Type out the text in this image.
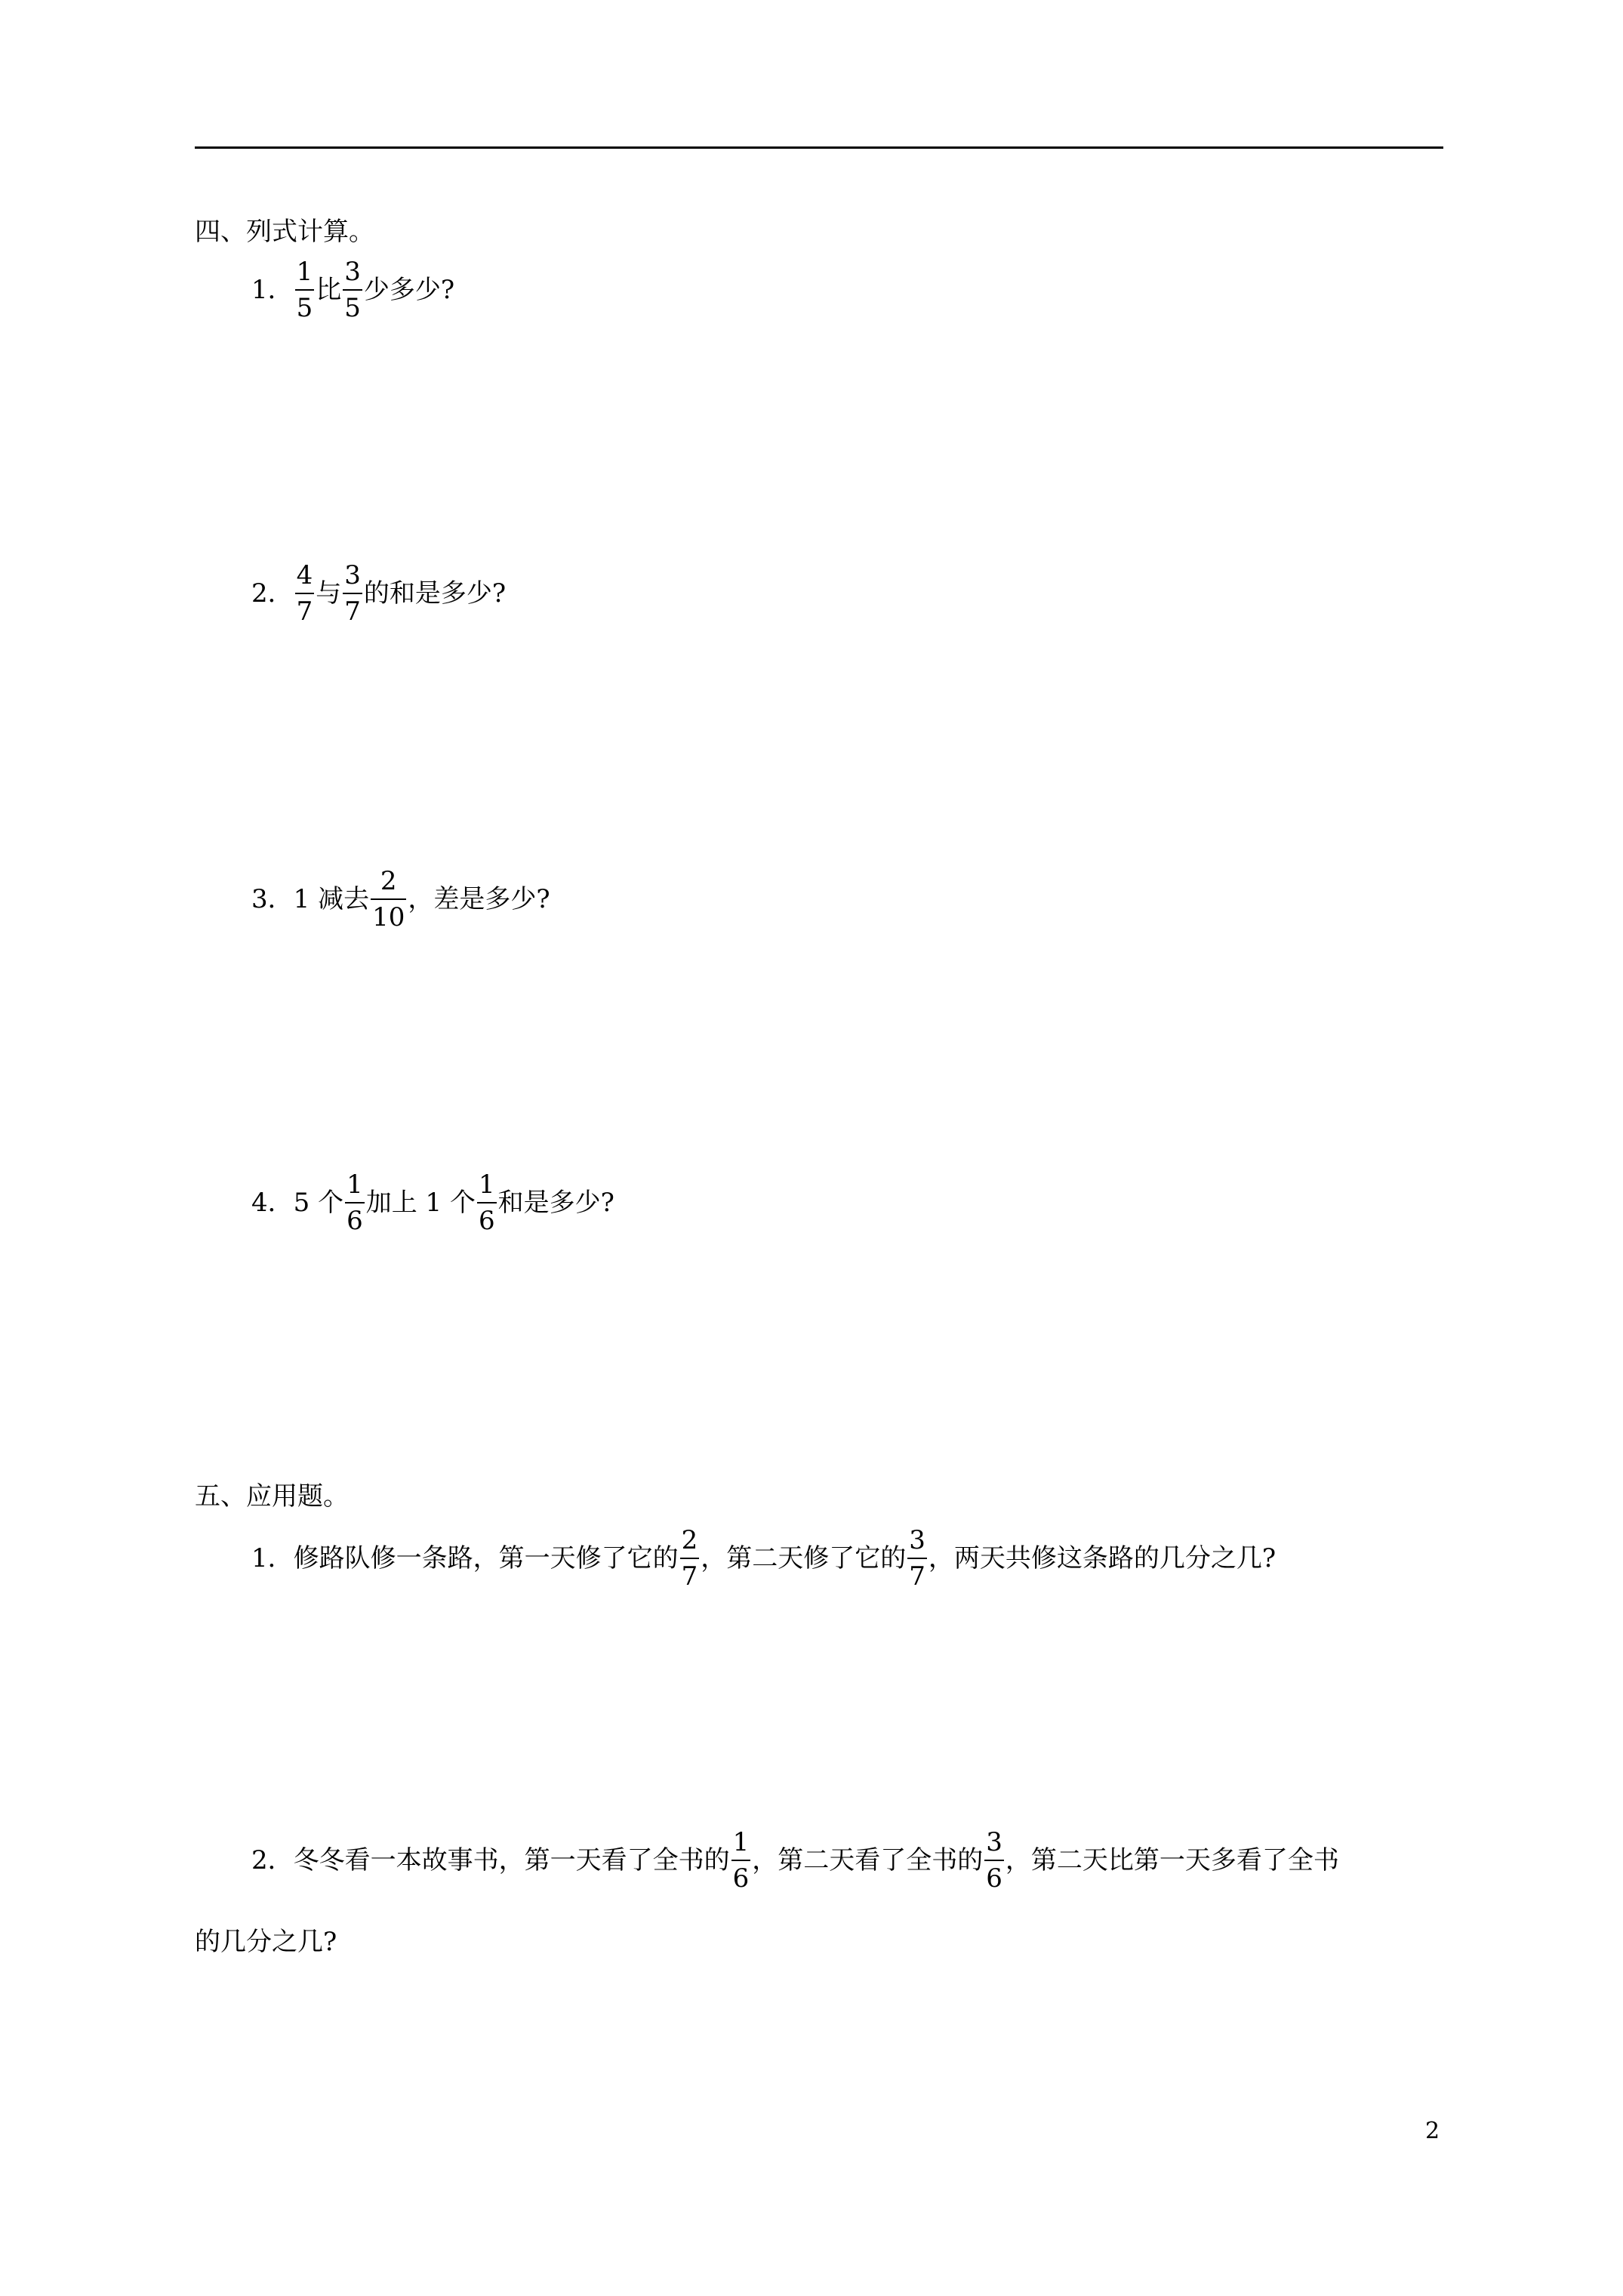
四、列式计算。
1． $\frac{1}{5}$ 比 $\frac{3}{5}$ 少多少?
2． $\frac{4}{7}$ 与 $\frac{3}{7}$ 的和是多少?
3． 1 减去 $\frac{2}{10}$ ，差是多少?
4． 5 个 $\frac{1}{6}$ 加上 1 个 $\frac{1}{6}$ 和是多少?
五、应用题。
1． 修路队修一条路，第一天修了它的 $\frac{2}{7}$ ，第二天修了它的 $\frac{3}{7}$ ，两天共修这条路的几分之几?
2． 冬冬看一本故事书，第一天看了全书的 $\frac{1}{6}$ ，第二天看了全书的 $\frac{3}{6}$ ，第二天比第一天多看了全书
的几分之几?
2
